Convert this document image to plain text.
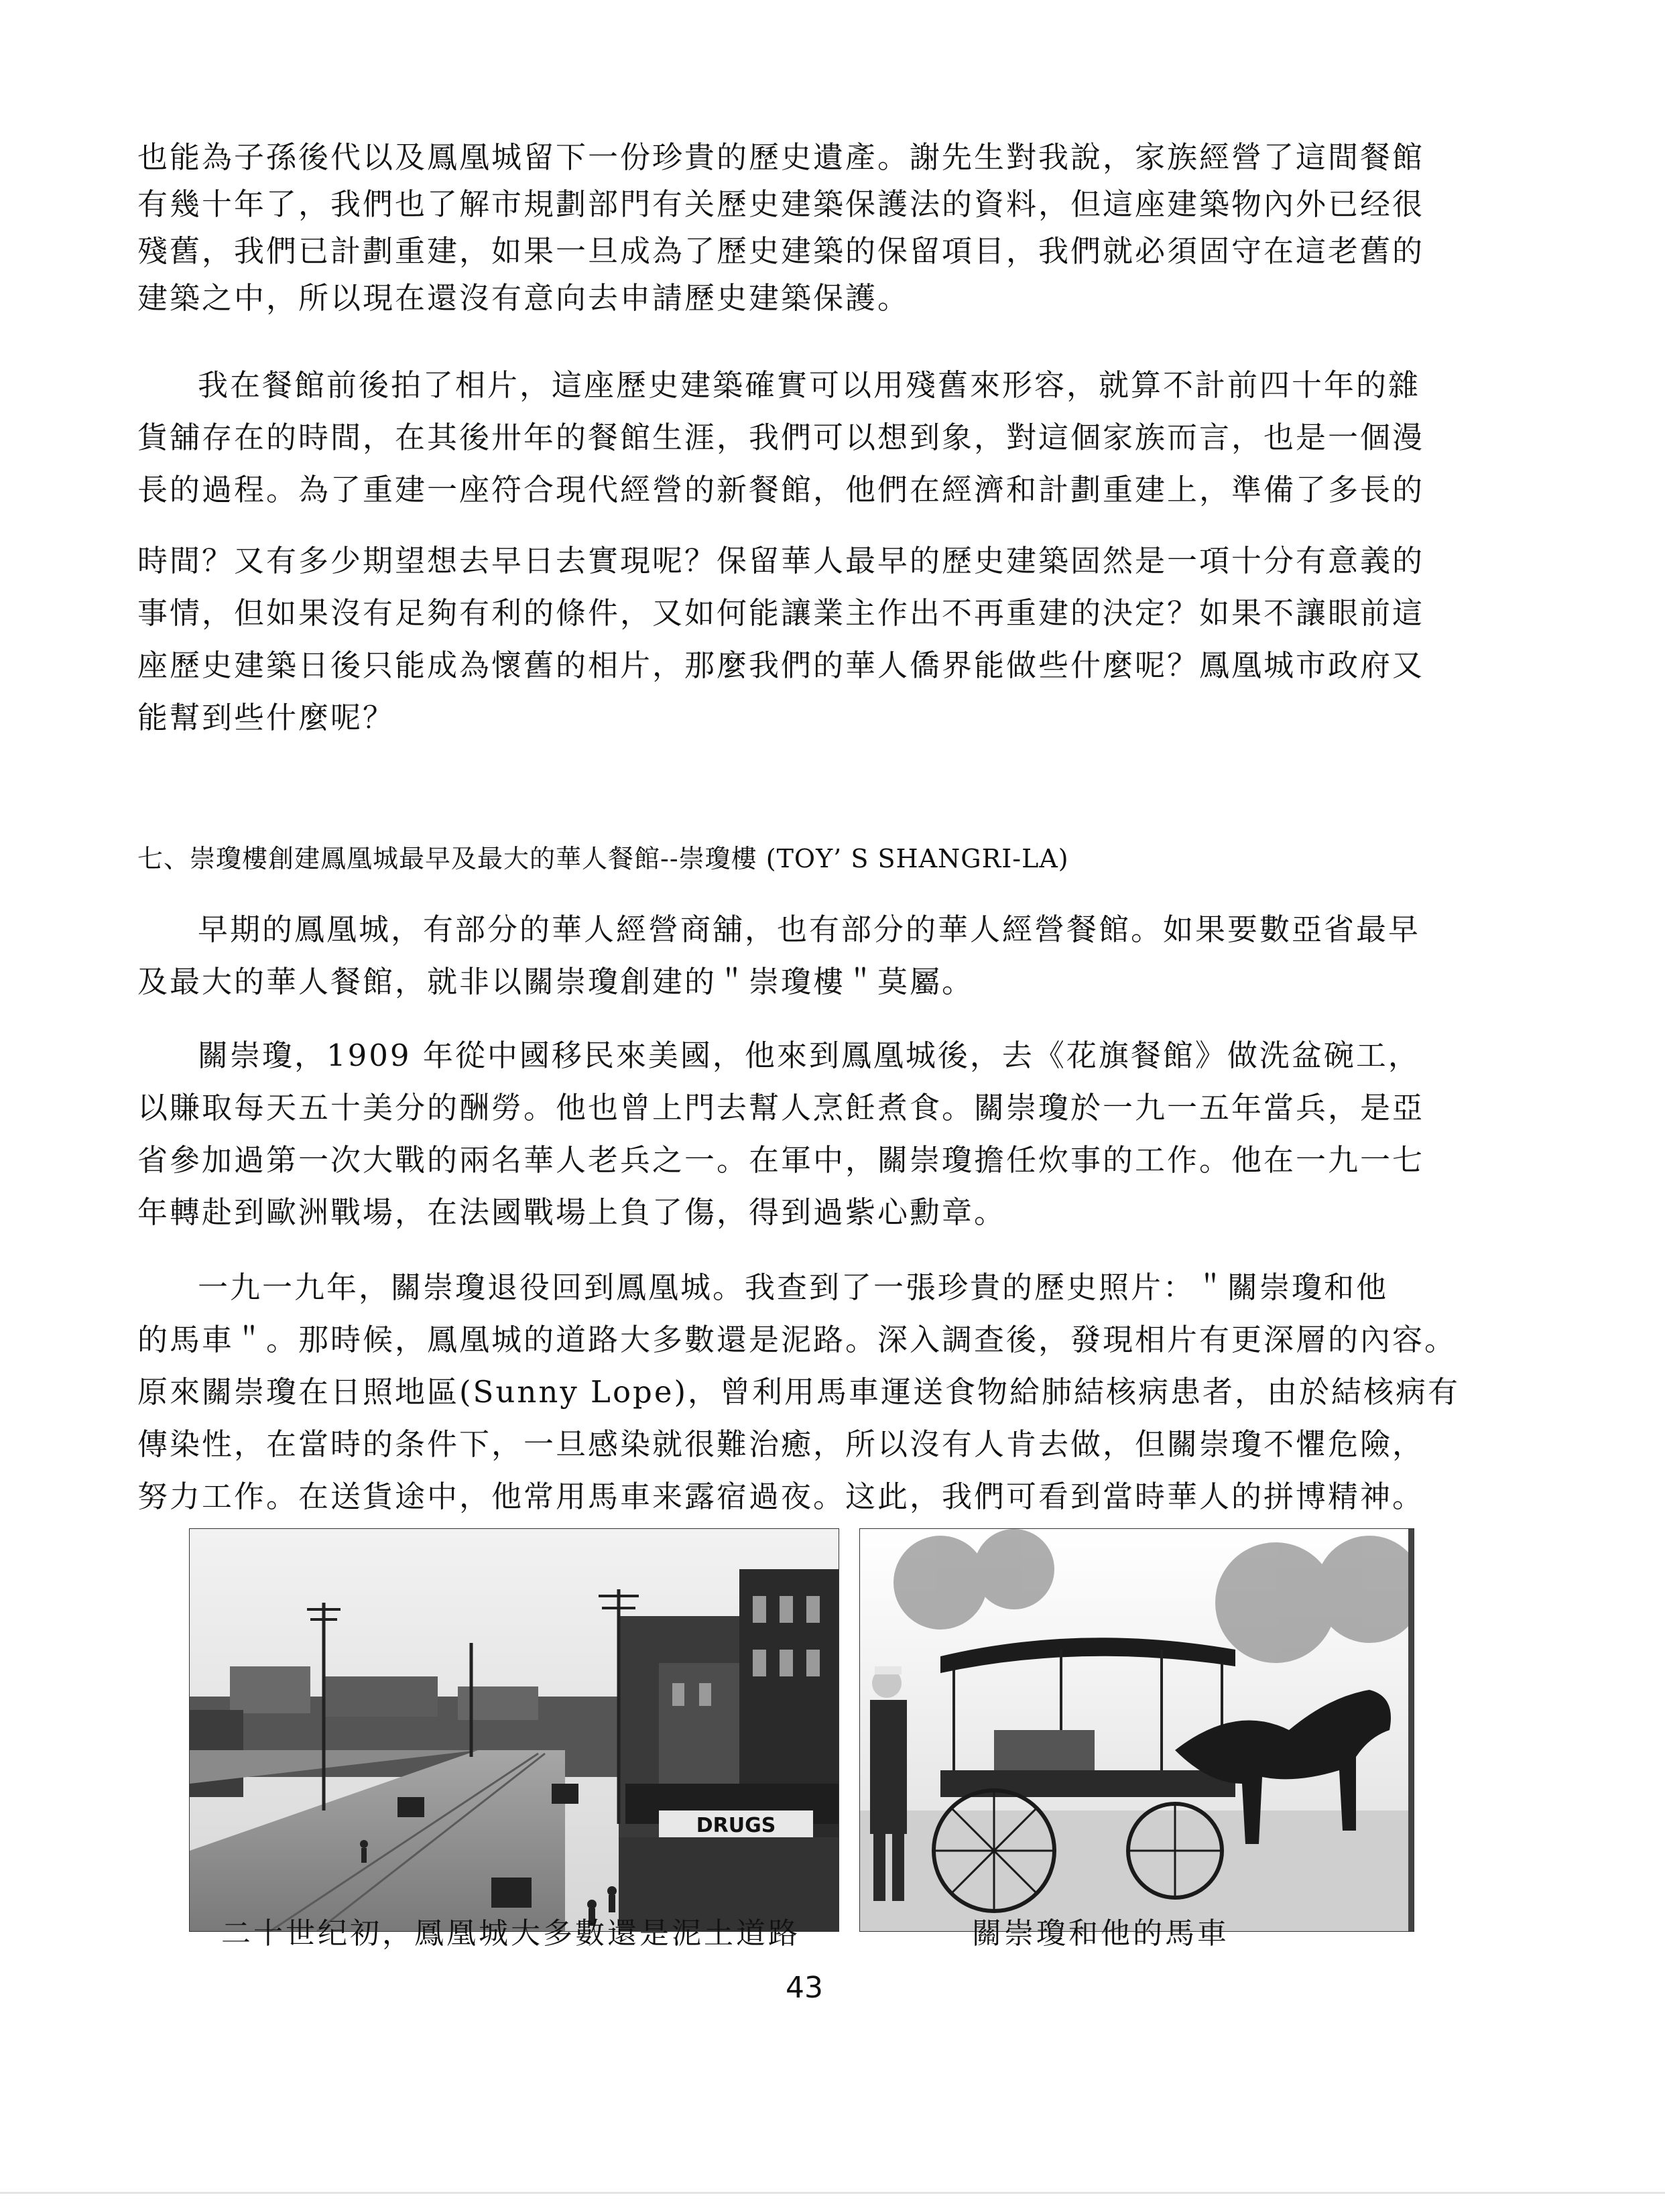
也能為子孫後代以及鳳凰城留下一份珍貴的歷史遺產。謝先生對我說，家族經營了這間餐館
有幾十年了，我們也了解市規劃部門有关歷史建築保護法的資料，但這座建築物內外已经很
殘舊，我們已計劃重建，如果一旦成為了歷史建築的保留項目，我們就必須固守在這老舊的
建築之中，所以現在還沒有意向去申請歷史建築保護。
我在餐館前後拍了相片，這座歷史建築確實可以用殘舊來形容，就算不計前四十年的雜
貨舖存在的時間，在其後卅年的餐館生涯，我們可以想到象，對這個家族而言，也是一個漫
長的過程。為了重建一座符合現代經營的新餐館，他們在經濟和計劃重建上，準備了多長的
時間？又有多少期望想去早日去實現呢？保留華人最早的歷史建築固然是一項十分有意義的
事情，但如果沒有足夠有利的條件，又如何能讓業主作出不再重建的決定？如果不讓眼前這
座歷史建築日後只能成為懷舊的相片，那麼我們的華人僑界能做些什麼呢？鳳凰城市政府又
能幫到些什麼呢？
七、崇瓊樓創建鳳凰城最早及最大的華人餐館--崇瓊樓 (TOY’ S SHANGRI-LA)
早期的鳳凰城，有部分的華人經營商舖，也有部分的華人經營餐館。如果要數亞省最早
及最大的華人餐館，就非以關崇瓊創建的＂崇瓊樓＂莫屬。
關崇瓊，1909 年從中國移民來美國，他來到鳳凰城後，去《花旗餐館》做洗盆碗工，
以賺取每天五十美分的酬勞。他也曾上門去幫人烹飪煮食。關崇瓊於一九一五年當兵，是亞
省參加過第一次大戰的兩名華人老兵之一。在軍中，關崇瓊擔任炊事的工作。他在一九一七
年轉赴到歐洲戰場，在法國戰場上負了傷，得到過紫心勳章。
一九一九年，關崇瓊退役回到鳳凰城。我查到了一張珍貴的歷史照片：＂關崇瓊和他
的馬車＂。那時候，鳳凰城的道路大多數還是泥路。深入調查後，發現相片有更深層的內容。
原來關崇瓊在日照地區(Sunny Lope)，曾利用馬車運送食物給肺結核病患者，由於結核病有
傳染性，在當時的条件下，一旦感染就很難治癒，所以沒有人肯去做，但關崇瓊不懼危險，
努力工作。在送貨途中，他常用馬車来露宿過夜。这此，我們可看到當時華人的拼博精神。
DRUGS
二十世纪初，鳳凰城大多數還是泥土道路	關崇瓊和他的馬車
43
